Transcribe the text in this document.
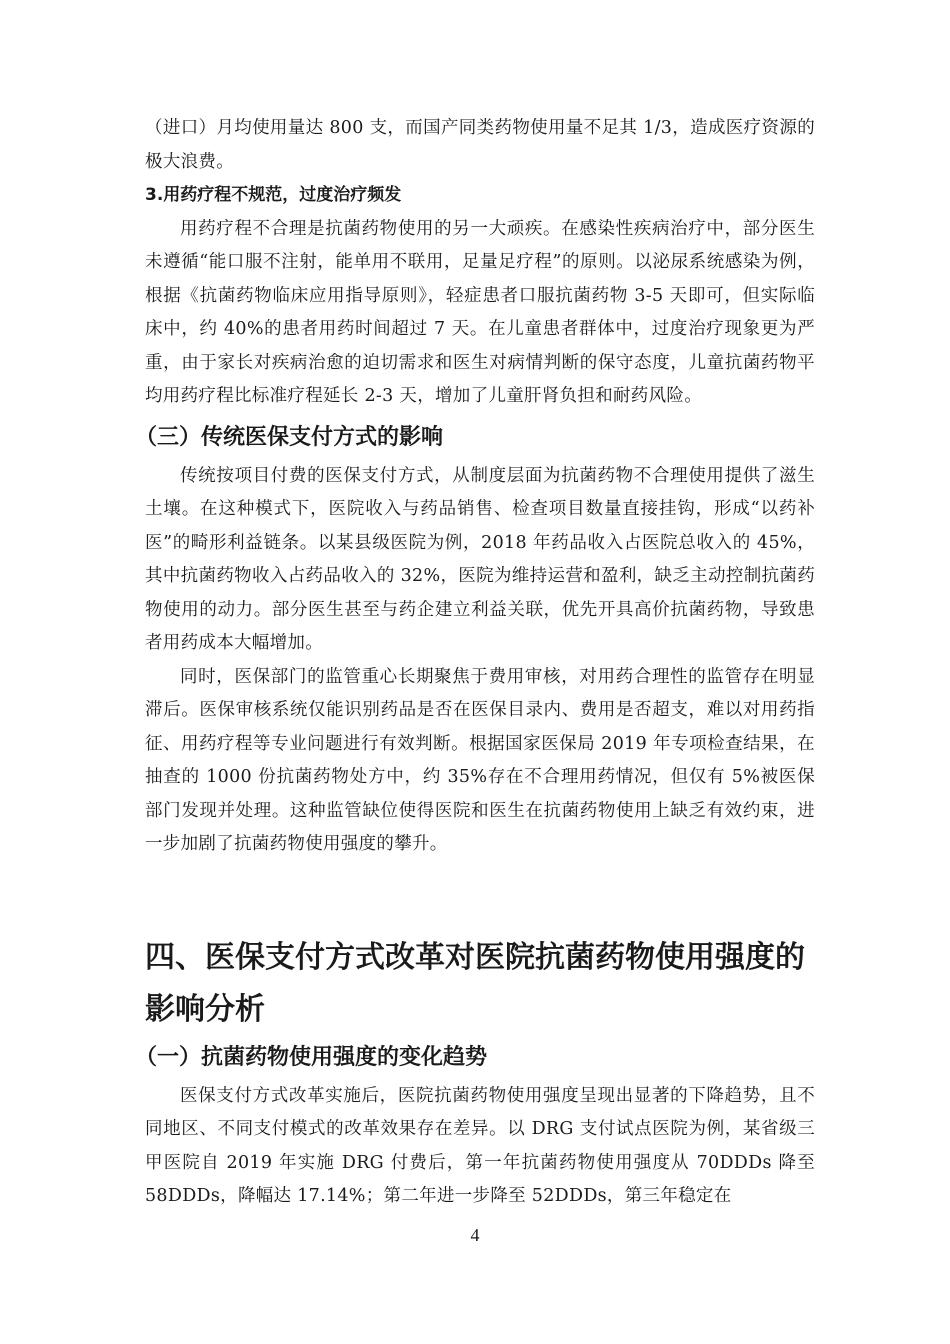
（进口）月均使用量达 800 支，而国产同类药物使用量不足其 1/3，造成医疗资源的极大浪费。

3.用药疗程不规范，过度治疗频发

用药疗程不合理是抗菌药物使用的另一大顽疾。在感染性疾病治疗中，部分医生未遵循“能口服不注射，能单用不联用，足量足疗程”的原则。以泌尿系统感染为例，根据《抗菌药物临床应用指导原则》，轻症患者口服抗菌药物 3-5 天即可，但实际临床中，约 40%的患者用药时间超过 7 天。在儿童患者群体中，过度治疗现象更为严重，由于家长对疾病治愈的迫切需求和医生对病情判断的保守态度，儿童抗菌药物平均用药疗程比标准疗程延长 2-3 天，增加了儿童肝肾负担和耐药风险。

（三）传统医保支付方式的影响

传统按项目付费的医保支付方式，从制度层面为抗菌药物不合理使用提供了滋生土壤。在这种模式下，医院收入与药品销售、检查项目数量直接挂钩，形成“以药补医”的畸形利益链条。以某县级医院为例，2018 年药品收入占医院总收入的 45%，其中抗菌药物收入占药品收入的 32%，医院为维持运营和盈利，缺乏主动控制抗菌药物使用的动力。部分医生甚至与药企建立利益关联，优先开具高价抗菌药物，导致患者用药成本大幅增加。

同时，医保部门的监管重心长期聚焦于费用审核，对用药合理性的监管存在明显滞后。医保审核系统仅能识别药品是否在医保目录内、费用是否超支，难以对用药指征、用药疗程等专业问题进行有效判断。根据国家医保局 2019 年专项检查结果，在抽查的 1000 份抗菌药物处方中，约 35%存在不合理用药情况，但仅有 5%被医保部门发现并处理。这种监管缺位使得医院和医生在抗菌药物使用上缺乏有效约束，进一步加剧了抗菌药物使用强度的攀升。

四、医保支付方式改革对医院抗菌药物使用强度的影响分析

（一）抗菌药物使用强度的变化趋势

医保支付方式改革实施后，医院抗菌药物使用强度呈现出显著的下降趋势，且不同地区、不同支付模式的改革效果存在差异。以 DRG 支付试点医院为例，某省级三甲医院自 2019 年实施 DRG 付费后，第一年抗菌药物使用强度从 70DDDs 降至 58DDDs，降幅达 17.14%；第二年进一步降至 52DDDs，第三年稳定在

4
